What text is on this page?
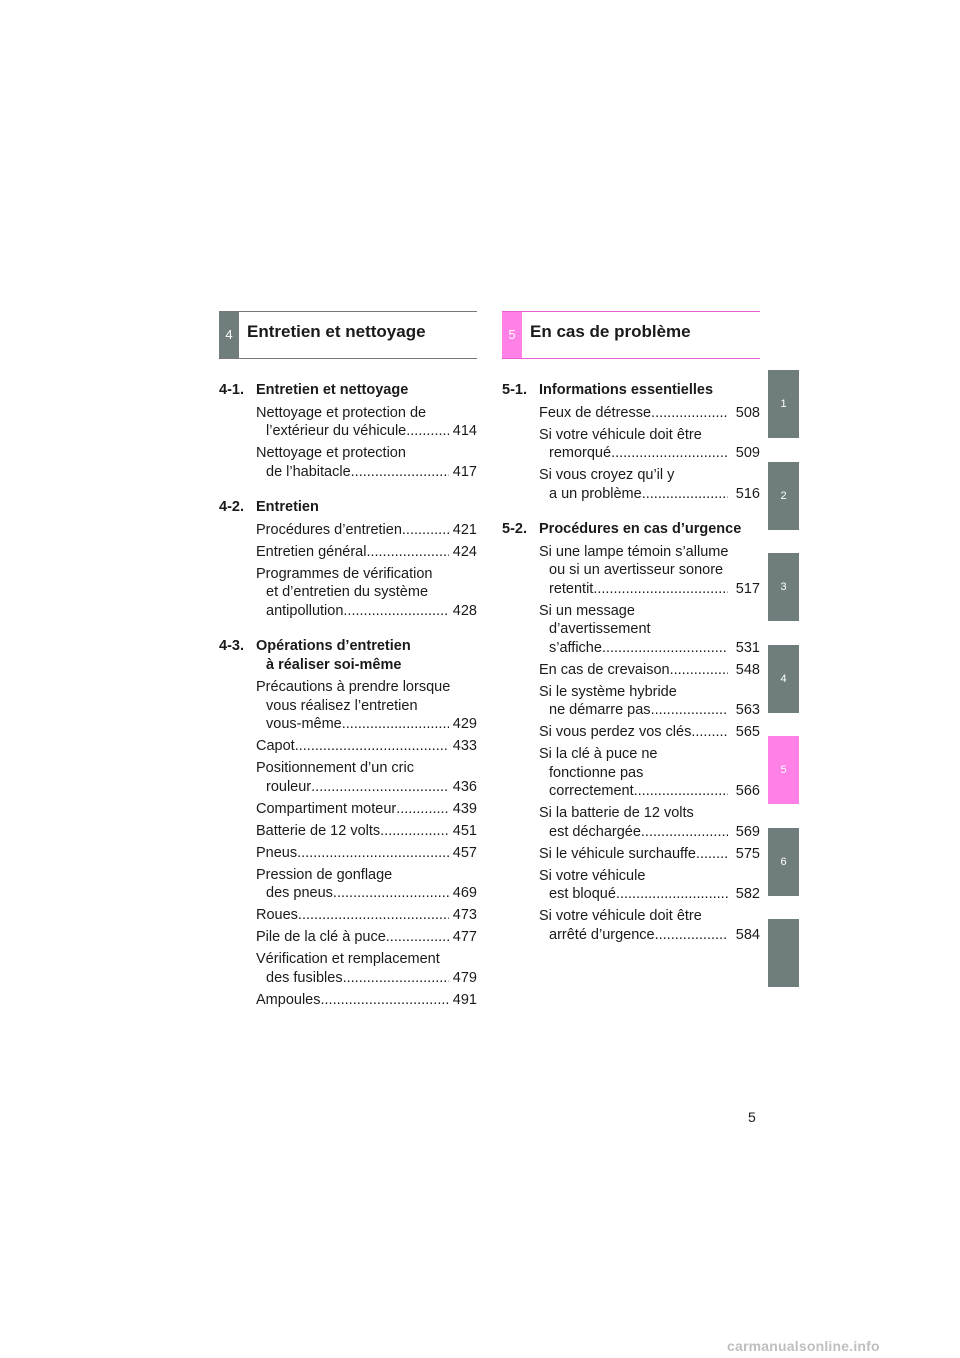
4 Entretien et nettoyage
4-1. Entretien et nettoyage
Nettoyage et protection de
l’extérieur du véhicule .....	414
Nettoyage et protection
de l’habitacle .....	417
4-2. Entretien
Procédures d’entretien .....	421
Entretien général .....	424
Programmes de vérification
et d’entretien du système
antipollution .....	428
4-3. Opérations d’entretien
à réaliser soi-même
Précautions à prendre lorsque
vous réalisez l’entretien
vous-même .....	429
Capot .....	433
Positionnement d’un cric
rouleur .....	436
Compartiment moteur .....	439
Batterie de 12 volts .....	451
Pneus .....	457
Pression de gonflage
des pneus .....	469
Roues .....	473
Pile de la clé à puce .....	477
Vérification et remplacement
des fusibles .....	479
Ampoules .....	491
5 En cas de problème
5-1. Informations essentielles
Feux de détresse .....	508
Si votre véhicule doit être
remorqué .....	509
Si vous croyez qu’il y
a un problème .....	516
5-2. Procédures en cas d’urgence
Si une lampe témoin s’allume
ou si un avertisseur sonore
retentit .....	517
Si un message
d’avertissement
s’affiche .....	531
En cas de crevaison .....	548
Si le système hybride
ne démarre pas .....	563
Si vous perdez vos clés .....	565
Si la clé à puce ne
fonctionne pas
correctement .....	566
Si la batterie de 12 volts
est déchargée .....	569
Si le véhicule surchauffe .....	575
Si votre véhicule
est bloqué .....	582
Si votre véhicule doit être
arrêté d’urgence .....	584
1
2
3
4
5
6
5
carmanualsonline.info
